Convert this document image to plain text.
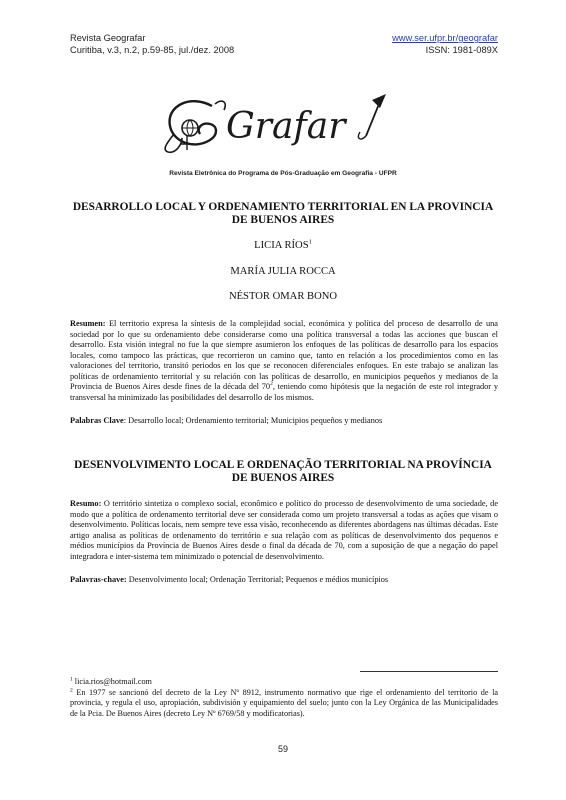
Revista Geografar
Curitiba, v.3, n.2, p.59-85, jul./dez. 2008
www.ser.ufpr.br/geografar
ISSN: 1981-089X
Grafar
Revista Eletrônica do Programa de Pós-Graduação em Geografia - UFPR
DESARROLLO LOCAL Y ORDENAMIENTO TERRITORIAL EN LA PROVINCIA DE BUENOS AIRES
LICIA RÍOS$^1$
MARÍA JULIA ROCCA
NÉSTOR OMAR BONO
Resumen: El territorio expresa la síntesis de la complejidad social, económica y política del proceso de desarrollo de una sociedad por lo que su ordenamiento debe considerarse como una política transversal a todas las acciones que buscan el desarrollo. Esta visión integral no fue la que siempre asumieron los enfoques de las políticas de desarrollo para los espacios locales, como tampoco las prácticas, que recorrieron un camino que, tanto en relación a los procedimientos como en las valoraciones del territorio, transitó periodos en los que se reconocen diferenciales enfoques. En este trabajo se analizan las políticas de ordenamiento territorial y su relación con las políticas de desarrollo, en municipios pequeños y medianos de la Provincia de Buenos Aires desde fines de la década del $70^2$, teniendo como hipótesis que la negación de este rol integrador y transversal ha minimizado las posibilidades del desarrollo de los mismos.
Palabras Clave: Desarrollo local; Ordenamiento territorial; Municipios pequeños y medianos
DESENVOLVIMENTO LOCAL E ORDENAÇÃO TERRITORIAL NA PROVÍNCIA DE BUENOS AIRES
Resumo: O território sintetiza o complexo social, econômico e político do processo de desenvolvimento de uma sociedade, de modo que a política de ordenamento territorial deve ser considerada como um projeto transversal a todas as ações que visam o desenvolvimento. Políticas locais, nem sempre teve essa visão, reconhecendo as diferentes abordagens nas últimas décadas. Este artigo analisa as políticas de ordenamento do território e sua relação com as políticas de desenvolvimento dos pequenos e médios municípios da Província de Buenos Aires desde o final da década de 70, com a suposição de que a negação do papel integradora e inter-sistema tem minimizado o potencial de desenvolvimento.
Palavras-chave: Desenvolvimento local; Ordenação Territorial; Pequenos e médios municípios

$^1$ licia.rios@hotmail.com

$^2$ En 1977 se sancionó del decreto de la Ley Nº 8912, instrumento normativo que rige el ordenamiento del territorio de la provincia, y regula el uso, apropiación, subdivisión y equipamiento del suelo; junto con la Ley Orgánica de las Municipalidades de la Pcia. De Buenos Aires (decreto Ley Nº 6769/58 y modificatorias).

59
